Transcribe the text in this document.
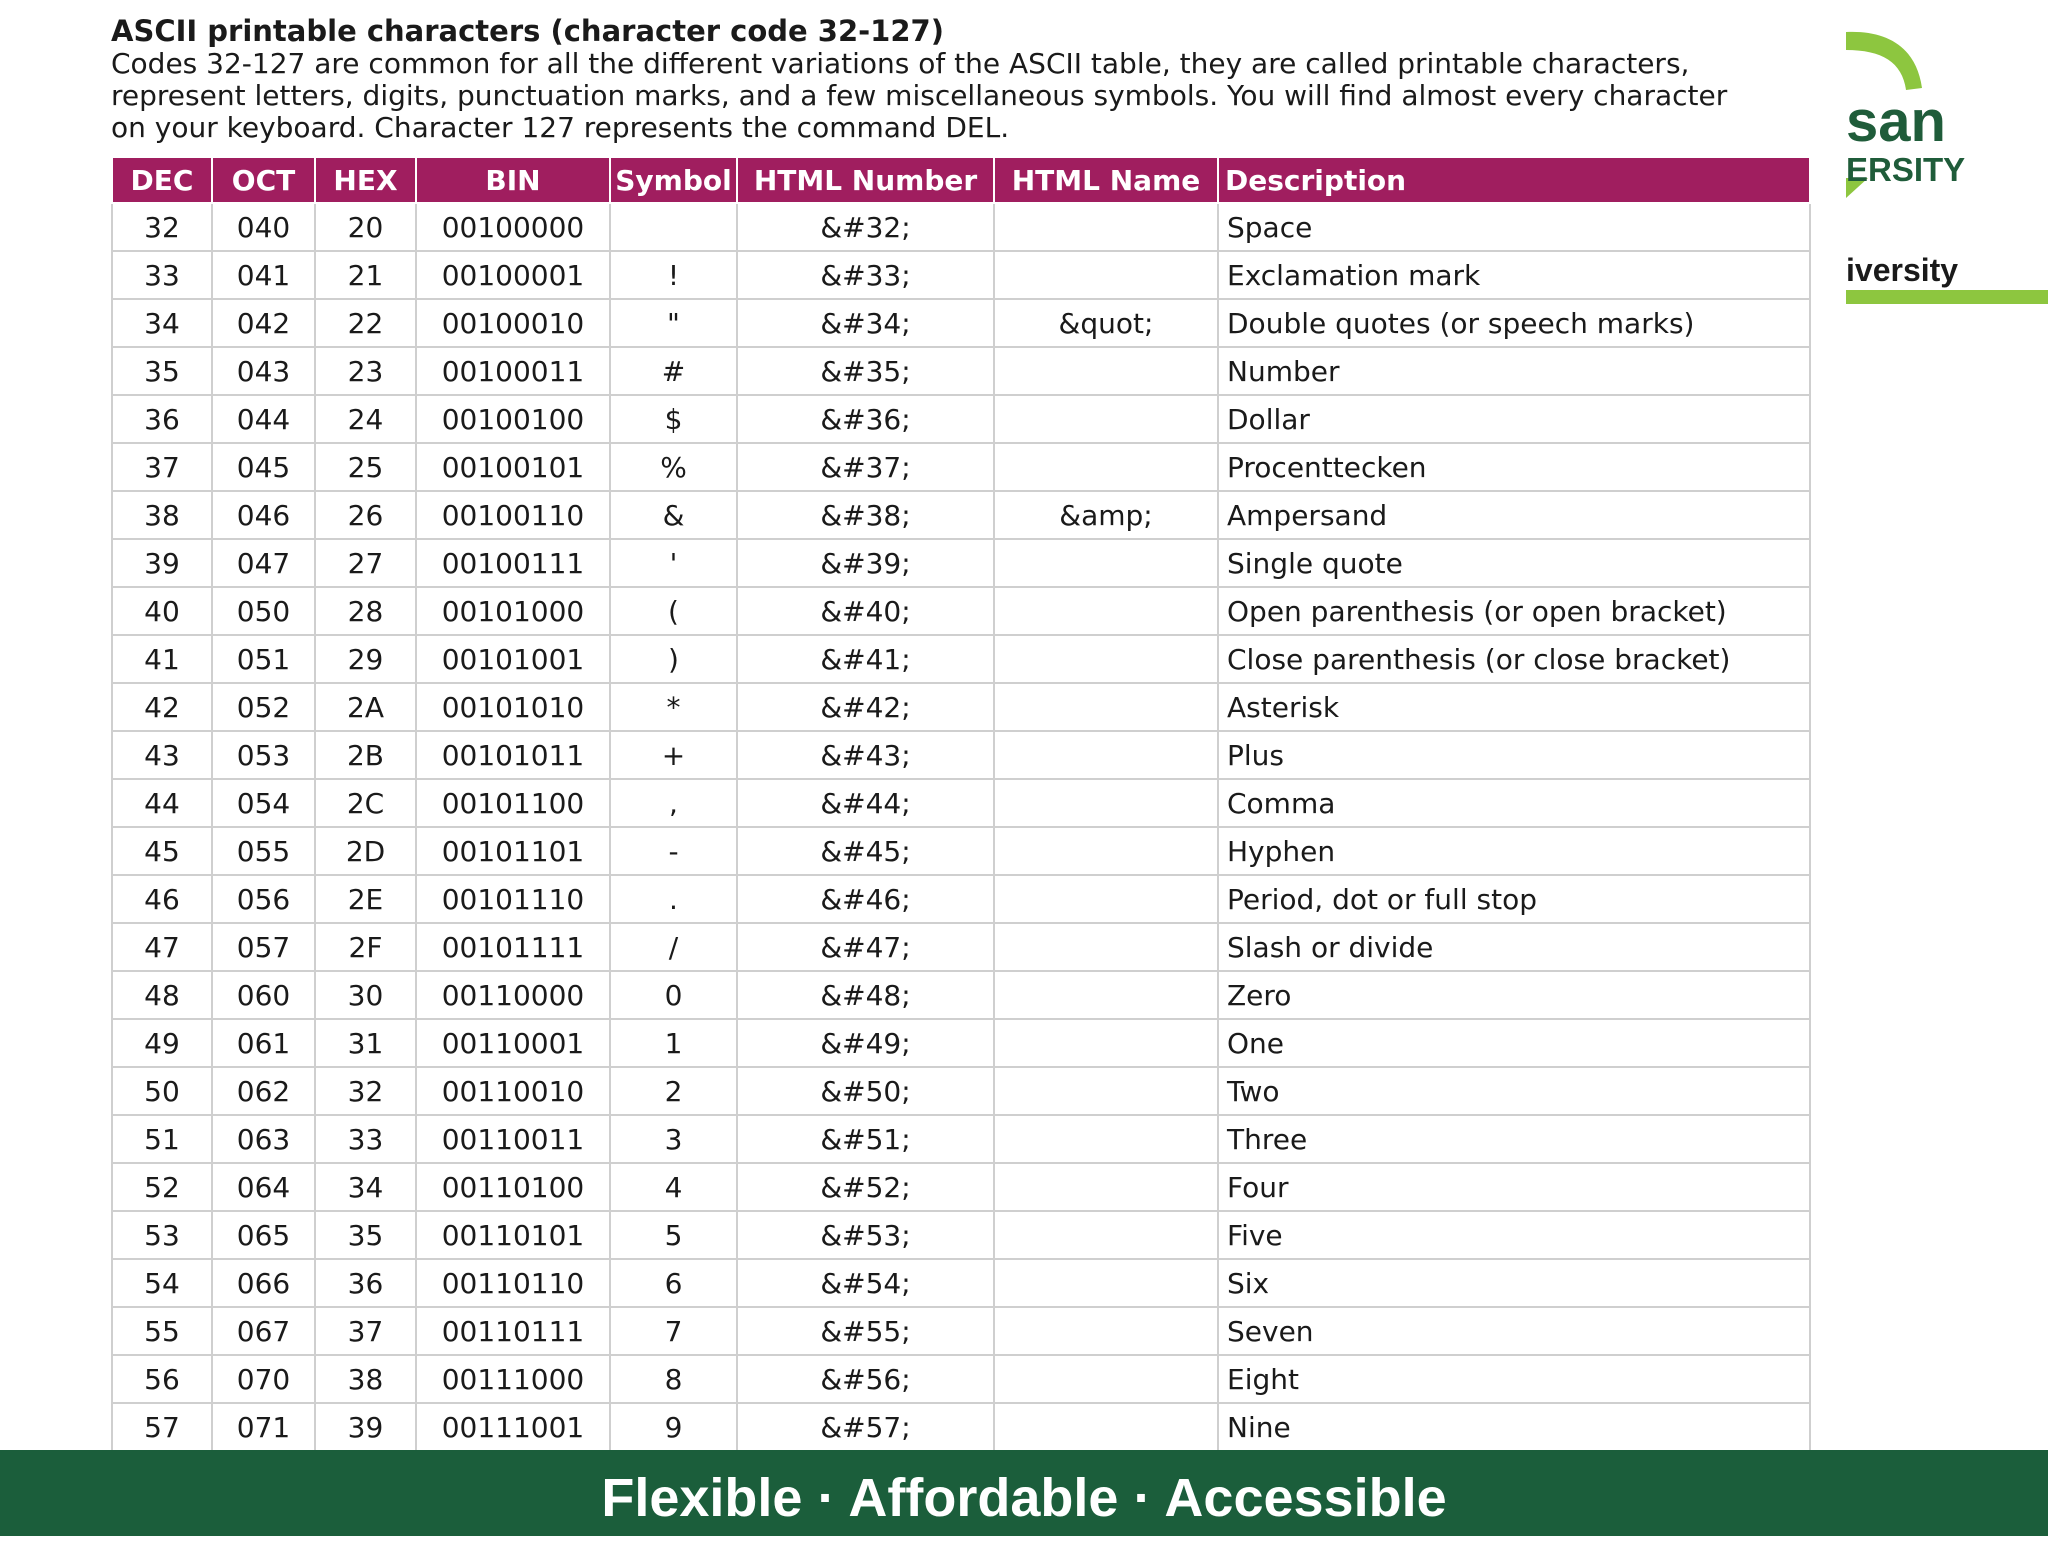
ASCII printable characters (character code 32-127)

Codes 32-127 are common for all the different variations of the ASCII table, they are called printable characters,

represent letters, digits, punctuation marks, and a few miscellaneous symbols. You will find almost every character

on your keyboard. Character 127 represents the command DEL.

DEC	OCT	HEX	BIN	Symbol	HTML Number	HTML Name	Description
32	040	20	00100000		&#32;		Space
33	041	21	00100001	!	&#33;		Exclamation mark
34	042	22	00100010	"	&#34;	&quot;	Double quotes (or speech marks)
35	043	23	00100011	#	&#35;		Number
36	044	24	00100100	$	&#36;		Dollar
37	045	25	00100101	%	&#37;		Procenttecken
38	046	26	00100110	&	&#38;	&amp;	Ampersand
39	047	27	00100111	'	&#39;		Single quote
40	050	28	00101000	(	&#40;		Open parenthesis (or open bracket)
41	051	29	00101001	)	&#41;		Close parenthesis (or close bracket)
42	052	2A	00101010	*	&#42;		Asterisk
43	053	2B	00101011	+	&#43;		Plus
44	054	2C	00101100	,	&#44;		Comma
45	055	2D	00101101	-	&#45;		Hyphen
46	056	2E	00101110	.	&#46;		Period, dot or full stop
47	057	2F	00101111	/	&#47;		Slash or divide
48	060	30	00110000	0	&#48;		Zero
49	061	31	00110001	1	&#49;		One
50	062	32	00110010	2	&#50;		Two
51	063	33	00110011	3	&#51;		Three
52	064	34	00110100	4	&#52;		Four
53	065	35	00110101	5	&#53;		Five
54	066	36	00110110	6	&#54;		Six
55	067	37	00110111	7	&#55;		Seven
56	070	38	00111000	8	&#56;		Eight
57	071	39	00111001	9	&#57;		Nine
san
ERSITY
iversity
Flexible · Affordable · Accessible
